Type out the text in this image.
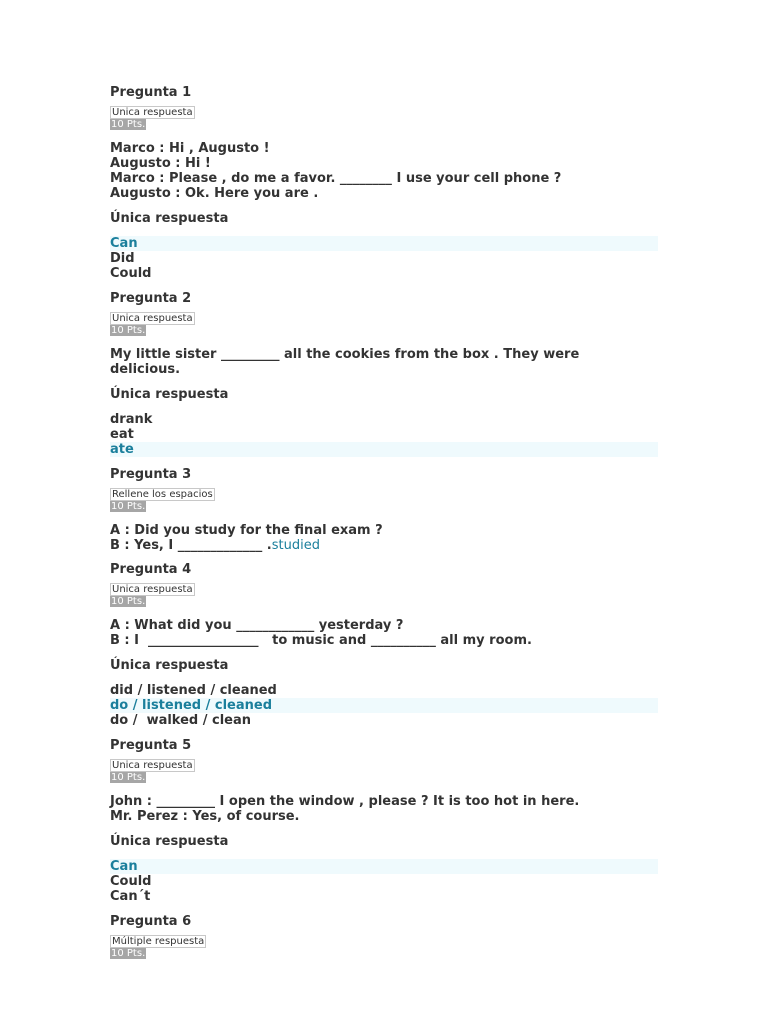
Pregunta 1
Unica respuesta
10 Pts.
Marco : Hi , Augusto !
Augusto : Hi !
Marco : Please , do me a favor. ________ I use your cell phone ?
Augusto : Ok. Here you are .
Única respuesta
Can
Did
Could
Pregunta 2
Unica respuesta
10 Pts.
My little sister _________ all the cookies from the box . They were
delicious.
Única respuesta
drank
eat
ate
Pregunta 3
Rellene los espacios
10 Pts.
A : Did you study for the final exam ?
B : Yes, I _____________ .studied
Pregunta 4
Unica respuesta
10 Pts.
A : What did you ____________ yesterday ?
B : I  _________________   to music and __________ all my room.
Única respuesta
did / listened / cleaned
do / listened / cleaned
do /  walked / clean
Pregunta 5
Unica respuesta
10 Pts.
John : _________ I open the window , please ? It is too hot in here.
Mr. Perez : Yes, of course.
Única respuesta
Can
Could
Can´t
Pregunta 6
Múltiple respuesta
10 Pts.
